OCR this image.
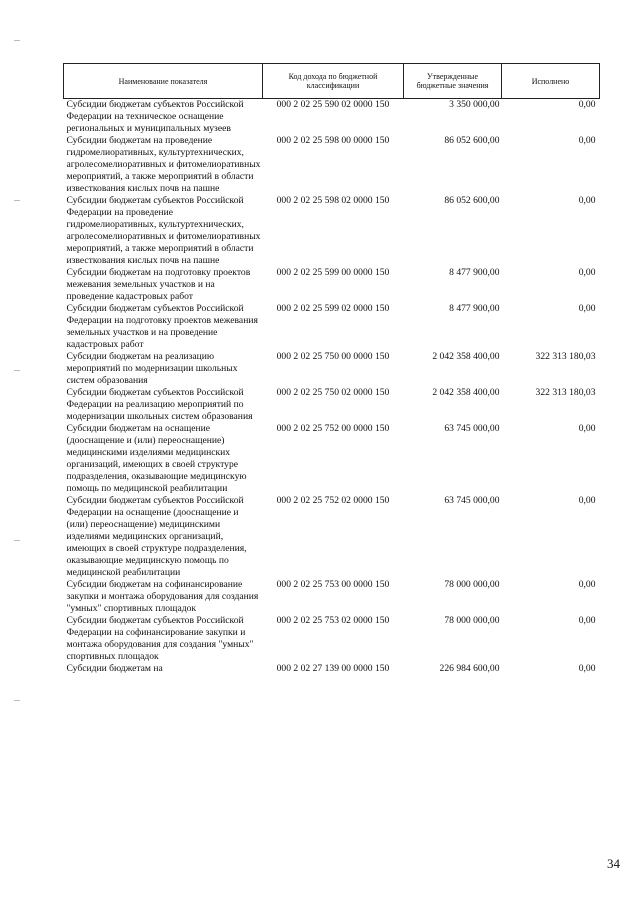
Наименование показателя	Код дохода по бюджетной классификации	Утвержденные бюджетные значения	Исполнено
Субсидии бюджетам субъектов Российской Федерации на техническое оснащение региональных и муниципальных музеев	000 2 02 25 590 02 0000 150	3 350 000,00	0,00
Субсидии бюджетам на проведение гидромелиоративных, культуртехнических, агролесомелиоративных и фитомелиоративных мероприятий, а также мероприятий в области известкования кислых почв на пашне	000 2 02 25 598 00 0000 150	86 052 600,00	0,00
Субсидии бюджетам субъектов Российской Федерации на проведение гидромелиоративных, культуртехнических, агролесомелиоративных и фитомелиоративных мероприятий, а также мероприятий в области известкования кислых почв на пашне	000 2 02 25 598 02 0000 150	86 052 600,00	0,00
Субсидии бюджетам на подготовку проектов межевания земельных участков и на проведение кадастровых работ	000 2 02 25 599 00 0000 150	8 477 900,00	0,00
Субсидии бюджетам субъектов Российской Федерации на подготовку проектов межевания земельных участков и на проведение кадастровых работ	000 2 02 25 599 02 0000 150	8 477 900,00	0,00
Субсидии бюджетам на реализацию мероприятий по модернизации школьных систем образования	000 2 02 25 750 00 0000 150	2 042 358 400,00	322 313 180,03
Субсидии бюджетам субъектов Российской Федерации на реализацию мероприятий по модернизации школьных систем образования	000 2 02 25 750 02 0000 150	2 042 358 400,00	322 313 180,03
Субсидии бюджетам на оснащение (дооснащение и (или) переоснащение) медицинскими изделиями медицинских организаций, имеющих в своей структуре подразделения, оказывающие медицинскую помощь по медицинской реабилитации	000 2 02 25 752 00 0000 150	63 745 000,00	0,00
Субсидии бюджетам субъектов Российской Федерации на оснащение (дооснащение и (или) переоснащение) медицинскими изделиями медицинских организаций, имеющих в своей структуре подразделения, оказывающие медицинскую помощь по медицинской реабилитации	000 2 02 25 752 02 0000 150	63 745 000,00	0,00
Субсидии бюджетам на софинансирование закупки и монтажа оборудования для создания "умных" спортивных площадок	000 2 02 25 753 00 0000 150	78 000 000,00	0,00
Субсидии бюджетам субъектов Российской Федерации на софинансирование закупки и монтажа оборудования для создания "умных" спортивных площадок	000 2 02 25 753 02 0000 150	78 000 000,00	0,00
Субсидии бюджетам на	000 2 02 27 139 00 0000 150	226 984 600,00	0,00
34
